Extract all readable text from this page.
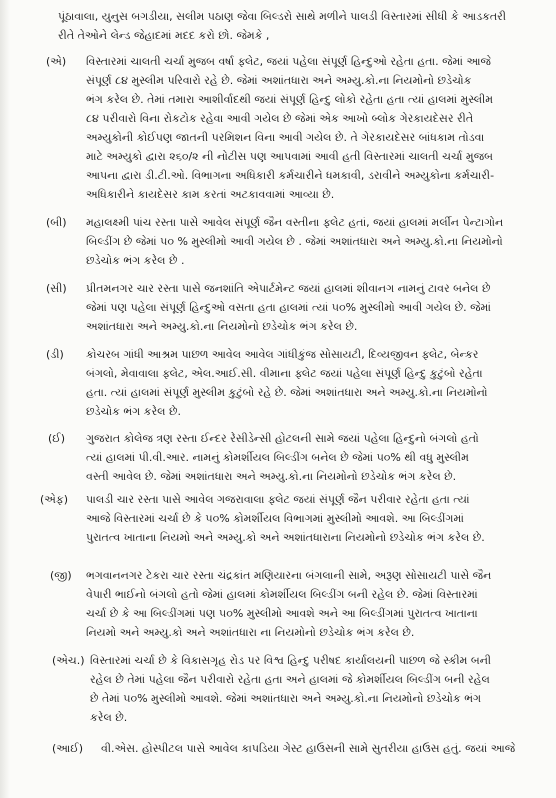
પૂંઠાવાલા, યુનુસ બગડીયા, સલીમ પઠાણ જેવા બિલ્ડરો સાથે મળીને પાલડી વિસ્તારમાં સીધી કે આડકતરી
રીતે તેઓને લેન્ડ જેહાદમાં મદદ કરો છો. જેમકે ,
(એ) વિસ્તારમાં ચાલતી ચર્ચા મુજબ વર્ષા ફ્લેટ, જયાં પહેલા સંપૂર્ણ હિન્દુઓ રહેતા હતા. જેમાં આજે
સંપૂર્ણ ૮૪ મુસ્લીમ પરિવારો રહે છે. જેમાં અશાંતધારા અને અમ્યુ.કો.ના નિયમોનો છડેચોક
ભંગ કરેલ છે. તેમાં તમારા આશીર્વાદથી જયાં સંપૂર્ણ હિન્દુ લોકો રહેતા હતા ત્યાં હાલમાં મુસ્લીમ
૮૪ પરીવારો વિના રોકટોક રહેવા આવી ગયેલ છે જેમાં એક આખો બ્લોક ગેરકાયદેસર રીતે
અમ્યુકોની કોઈપણ જાતની પરમિશન વિના આવી ગયેલ છે. તે ગેરકાયદેસર બાંધકામ તોડવા
માટે અમ્યુકો દ્વારા ૨૬૦/૨ ની નોટીસ પણ આપવામાં આવી હતી વિસ્તારમાં ચાલતી ચર્ચા મુજબ
આપના દ્વારા ડી.ટી.ઓ. વિભાગના અધિકારી કર્મચારીને ધમકાવી, ડરાવીને અમ્યુકોના કર્મચારી-
અધિકારીને કાયદેસર કામ કરતાં અટકાવવામાં આવ્યા છે.
(બી) મહાલક્ષ્મી પાંચ રસ્તા પાસે આવેલ સંપૂર્ણ જૈન વસ્તીના ફ્લેટ હતાં, જયાં હાલમાં મર્લીન પેન્ટાગોન
બિલ્ડીંગ છે જેમાં ૫૦ % મુસ્લીમો આવી ગયેલ છે . જેમાં અશાંતધારા અને અમ્યુ.કો.ના નિયમોનો
છડેચોક ભંગ કરેલ છે .
(સી) પ્રીતમનગર ચાર રસ્તા પાસે જનશાંતિ એપાર્ટમેન્ટ જયાં હાલમાં શીવાનગ નામનું ટાવર બનેલ છે
જેમાં પણ પહેલા સંપૂર્ણ હિન્દુઓ વસતા હતા હાલમાં ત્યાં ૫૦% મુસ્લીમો આવી ગયેલ છે. જેમાં
અશાંતધારા અને અમ્યુ.કો.ના નિયમોનો છડેચોક ભંગ કરેલ છે.
(ડી) કોચરબ ગાંધી આશ્રમ પાછળ આવેલ આવેલ ગાંધીકુંજ સોસાયટી, દિવ્યજીવન ફ્લેટ, બેન્કર
બંગલો, મેવાવાલા ફ્લેટ, એલ.આઈ.સી. વીમાના ફ્લેટ જયાં પહેલા સંપૂર્ણ હિન્દુ કુટુંબો રહેતા
હતા. ત્યાં હાલમાં સંપૂર્ણ મુસ્લીમ કુટુંબો રહે છે. જેમાં અશાંતધારા અને અમ્યુ.કો.ના નિયમોનો
છડેચોક ભંગ કરેલ છે.
(ઈ) ગુજરાત કોલેજ ત્રણ રસ્તા ઈન્દર રેસીડેન્સી હોટલની સામે જયાં પહેલા હિન્દુનો બંગલો હતો
ત્યાં હાલમાં પી.વી.આર. નામનું કોમર્શીયલ બિલ્ડીંગ બનેલ છે જેમાં ૫૦% થી વધુ મુસ્લીમ
વસ્તી આવેલ છે. જેમાં અશાંતધારા અને અમ્યુ.કો.ના નિયમોનો છડેચોક ભંગ કરેલ છે.
(એફ) પાલડી ચાર રસ્તા પાસે આવેલ ગજરાવાલા ફ્લેટ જયાં સંપૂર્ણ જૈન પરીવાર રહેતા હતા ત્યાં
આજે વિસ્તારમાં ચર્ચા છે કે ૫૦% કોમર્શીયલ વિભાગમાં મુસ્લીમો આવશે. આ બિલ્ડીંગમાં
પુરાતત્વ ખાતાના નિયમો અને અમ્યુ.કો અને અશાંતધારાના નિયમોનો છડેચોક ભંગ કરેલ છે.
(જી) ભગવાનનગર ટેકરા ચાર રસ્તા ચંદ્રકાંત મણિયારના બંગલાની સામે, અરૂણ સોસાયટી પાસે જૈન
વેપારી ભાઈનો બંગલો હતો જેમાં હાલમાં કોમર્શીયલ બિલ્ડીંગ બની રહેલ છે. જેમાં વિસ્તારમાં
ચર્ચા છે કે આ બિલ્ડીંગમાં પણ ૫૦% મુસ્લીમો આવશે અને આ બિલ્ડીંગમાં પુરાતત્વ ખાતાના
નિયમો અને અમ્યુ.કો અને અશાંતધારા ના નિયમોનો છડેચોક ભંગ કરેલ છે.
(એચ.) વિસ્તારમાં ચર્ચા છે કે વિકાસગૃહ રોડ પર વિશ્વ હિન્દુ પરીષદ કાર્યાલયની પાછળ જે સ્કીમ બની
રહેલ છે તેમાં પહેલા જૈન પરીવારો રહેતા હતા અને હાલમાં જે કોમર્શીયલ બિલ્ડીંગ બની રહેલ
છે તેમાં ૫૦% મુસ્લીમો આવશે. જેમાં અશાંતધારા અને અમ્યુ.કો.ના નિયમોનો છડેચોક ભંગ
કરેલ છે.
(આઈ) વી.એસ. હોસ્પીટલ પાસે આવેલ કાપડિયા ગેસ્ટ હાઉસની સામે સુતરીયા હાઉસ હતું. જયાં આજે
